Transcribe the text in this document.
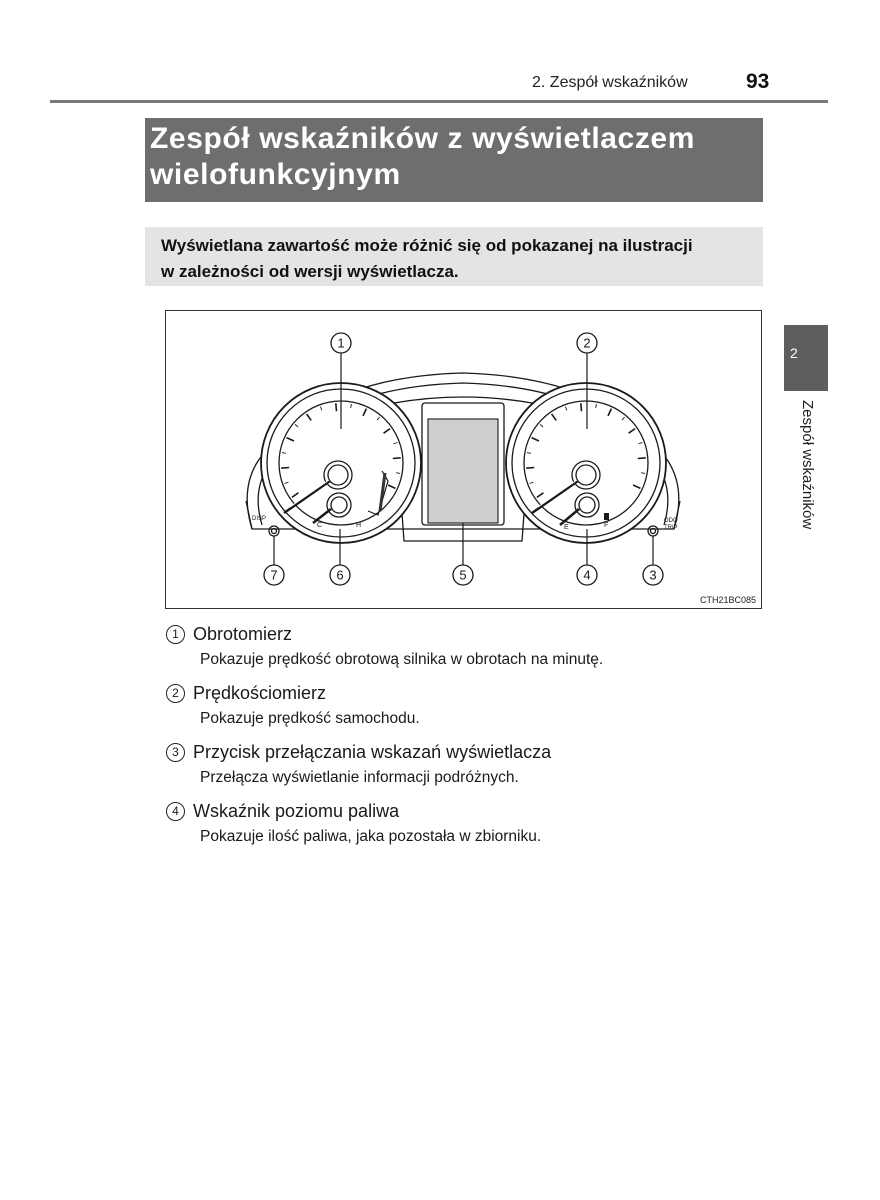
2. Zespół wskaźników	93
Zespół wskaźników z wyświetlaczem
wielofunkcyjnym
Wyświetlana zawartość może różnić się od pokazanej na ilustracji
w zależności od wersji wyświetlacza.
2
Zespół wskaźników
C	H	E	F
DISP	ODO
TRIP
1	2
3
4
5
6
7
CTH21BC085
1 Obrotomierz
Pokazuje prędkość obrotową silnika w obrotach na minutę.
2 Prędkościomierz
Pokazuje prędkość samochodu.
3 Przycisk przełączania wskazań wyświetlacza
Przełącza wyświetlanie informacji podróżnych.
4 Wskaźnik poziomu paliwa
Pokazuje ilość paliwa, jaka pozostała w zbiorniku.
